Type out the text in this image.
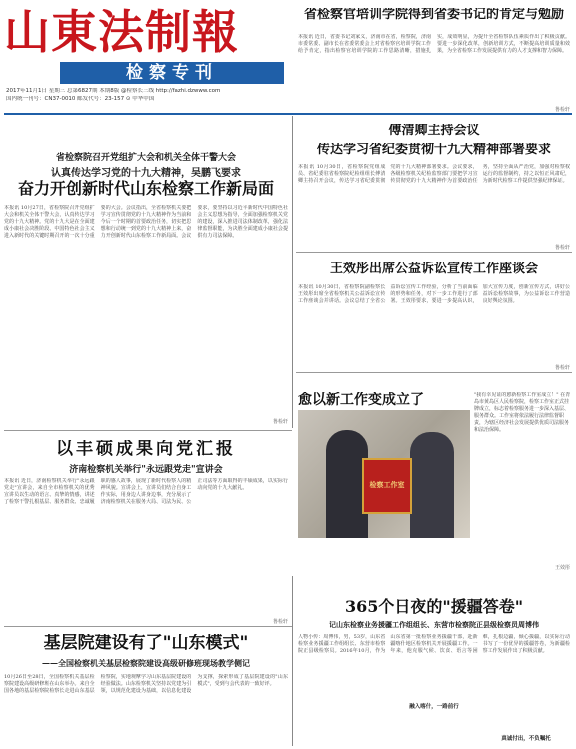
山東法制報
检察专刊
2017年11月1日 星期三 总第6827期 本期8版 @检察长三线 http://fazhi.dzwww.com
国内统一刊号：CN37-0010 邮发代号：23-157 ⊙ 中华中国
省检察官培训学院得到省委书记的肯定与勉励
本报讯 近日，省委书记刘家义，济南市在省，检察院，济南市委常委、副市长在省委常委会上对省检察官培训学院工作给予肯定，指出检察官培训学院的工作思路清晰，措施扎实，成效明显，为提升全省检察队伍素质作出了积极贡献。要进一步深化改革，创新培训方式，不断提高培训质量和效果，为全省检察工作发展提供有力的人才支撑和智力保障。
鲁检轩
省检察院召开党组扩大会和机关全体干警大会
认真传达学习党的十九大精神，吴鹏飞要求
奋力开创新时代山东检察工作新局面
本报讯 10月27日，省检察院召开党组扩大会和机关全体干警大会，认真传达学习党的十九大精神。党的十九大是在全面建成小康社会决胜阶段、中国特色社会主义进入新时代的关键时期召开的一次十分重要的大会。会议指出，全省检察机关要把学习宣传贯彻党的十九大精神作为当前和今后一个时期的首要政治任务，切实把思想和行动统一到党的十九大精神上来，奋力开创新时代山东检察工作新局面。会议要求，要坚持以习近平新时代中国特色社会主义思想为指导，全面加强检察机关党的建设，深入推进司法体制改革，强化法律监督职能，为决胜全面建成小康社会提供有力司法保障。
鲁检轩
傅清卿主持会议
传达学习省纪委贯彻十九大精神部署要求
本报讯 10月30日，省检察院党组成员、省纪委驻省检察院纪检组组长傅清卿主持召开会议，传达学习省纪委贯彻党的十九大精神部署要求。会议要求，各级检察机关纪检监察部门要把学习宣传贯彻党的十九大精神作为首要政治任务，坚持全面从严治党，加强对检察权运行的监督制约，持之以恒正风肃纪，为新时代检察工作提供坚强纪律保证。
鲁检轩
王效彤出席公益诉讼宣传工作座谈会
本报讯 10月30日，省检察院副检察长王效彤出席全省检察机关公益诉讼宣传工作座谈会并讲话。会议总结了全省公益诉讼宣传工作经验，分析了当前面临的形势和任务，对下一步工作进行了部署。王效彤要求，要进一步提高认识，加大宣传力度，创新宣传方式，讲好公益诉讼检察故事，为公益诉讼工作营造良好舆论氛围。
鲁检轩
愈以新工作变成立了
检察工作室
"我有幸见证的愈新检察工作室成立！" 在青岛市黄岛区人民检察院，检察工作室正式挂牌成立，标志着检察服务进一步深入基层、服务群众。工作室将依法履行法律监督职责，为辖区经济社会发展提供优质司法服务和法治保障。
王效彤
以丰硕成果向党汇报
济南检察机关举行"永远跟党走"宣讲会
本报讯 近日，济南检察机关举行"永远跟党走"宣讲会，来自全市检察机关的优秀宣讲员以生动的语言、真挚的情感，讲述了检察干警扎根基层、服务群众、忠诚履职的感人故事，展现了新时代检察人的精神风貌。宣讲会上，宣讲员们结合自身工作实际，用身边人讲身边事，充分展示了济南检察机关在服务大局、司法为民、公正司法等方面取得的丰硕成果，以实际行动向党的十九大献礼。
鲁检轩
365个日夜的"援疆答卷"
记山东检察业务援疆工作组组长、东营市检察院正县级检察员周博伟
人物小传：周博伟，男，53岁，山东省检察业务援疆工作组组长、东营市检察院正县级检察员。2016年10月，作为山东省第一批检察业务援疆干部，赴新疆喀什地区检察机关开展援疆工作。一年来，他克服气候、饮食、语言等困难，扎根边疆，倾心援疆，以实际行动书写了一份优异的援疆答卷，为新疆检察工作发展作出了积极贡献。
融入喀什，一路前行
真诚付出，不负嘱托
基层院建设有了"山东模式"
——全国检察机关基层检察院建设高级研修班现场教学侧记
10月26日至28日，全国检察机关基层检察院建设高级研修班在山东举办。来自全国各地的基层检察院检察长走进山东基层检察院，实地观摩学习山东基层院建设的经验做法。山东检察机关坚持以党建为引领，以规范化建设为基础，以信息化建设为支撑，探索形成了基层院建设的"山东模式"，受到与会代表的一致好评。
